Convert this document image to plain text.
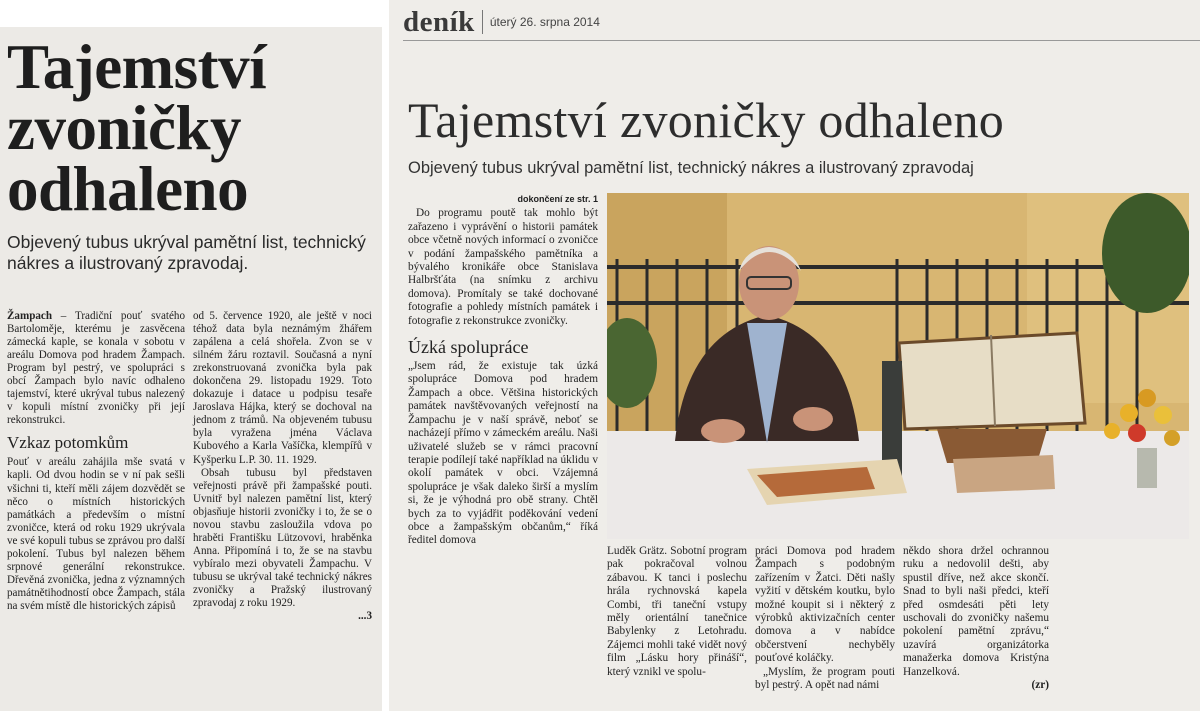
Tajemství
zvoničky
odhaleno
Objevený tubus ukrýval pamětní list, technický nákres a ilustrovaný zpravodaj.

Žampach – Tradiční pouť svatého Bartoloměje, kterému je zasvěcena zámecká kaple, se konala v sobotu v areálu Domova pod hradem Žampach. Program byl pestrý, ve spolupráci s obcí Žampach bylo navíc odhaleno tajemství, které ukrýval tubus nalezený v kopuli místní zvoničky při její rekonstrukci.

Vzkaz potomkům

Pouť v areálu zahájila mše svatá v kapli. Od dvou hodin se v ní pak sešli všichni ti, kteří měli zájem dozvědět se něco o místních historických památkách a především o místní zvoničce, která od roku 1929 ukrývala ve své kopuli tubus se zprávou pro další pokolení. Tubus byl nalezen během srpnové generální rekonstrukce. Dřevěná zvonička, jedna z významných památnětihodností obce Žampach, stála na svém místě dle historických zápisů

od 5. července 1920, ale ještě v noci téhož data byla neznámým žhářem zapálena a celá shořela. Zvon se v silném žáru roztavil. Současná a nyní zrekonstruovaná zvonička byla pak dokončena 29. listopadu 1929. Toto dokazuje i datace u podpisu tesaře Jaroslava Hájka, který se dochoval na jednom z trámů. Na objeveném tubusu byla vyražena jména Václava Kubového a Karla Vašíčka, klempířů v Kyšperku L.P. 30. 11. 1929.

Obsah tubusu byl představen veřejnosti právě při žampašské pouti. Uvnitř byl nalezen pamětní list, který objasňuje historii zvoničky i to, že se o novou stavbu zasloužila vdova po hraběti Františku Lützovovi, hraběnka Anna. Připomíná i to, že se na stavbu vybíralo mezi obyvateli Žampachu. V tubusu se ukrýval také technický nákres zvoničky a Pražský ilustrovaný zpravodaj z roku 1929.

...3
deník úterý 26. srpna 2014
Tajemství zvoničky odhaleno
Objevený tubus ukrýval pamětní list, technický nákres a ilustrovaný zpravodaj
dokončení ze str. 1

Do programu poutě tak mohlo být zařazeno i vyprávění o historii památek obce včetně nových informací o zvoničce v podání žampašského pamětníka a bývalého kronikáře obce Stanislava Halbršťáta (na snímku z archivu domova). Promítaly se také dochované fotografie a pohledy místních památek i fotografie z rekonstrukce zvoničky.

Úzká spolupráce

„Jsem rád, že existuje tak úzká spolupráce Domova pod hradem Žampach a obce. Většina historických památek navštěvovaných veřejností na Žampachu je v naší správě, neboť se nacházejí přímo v zámeckém areálu. Naši uživatelé služeb se v rámci pracovní terapie podílejí také například na úklidu v okolí památek v obci. Vzájemná spolupráce je však daleko širší a myslím si, že je výhodná pro obě strany. Chtěl bych za to vyjádřit poděkování vedení obce a žampašským občanům,“ říká ředitel domova

Luděk Grätz. Sobotní program pak pokračoval volnou zábavou. K tanci i poslechu hrála rychnovská kapela Combi, tři taneční vstupy měly orientální tanečnice Babylenky z Letohradu. Zájemci mohli také vidět nový film „Lásku hory přináší“, který vznikl ve spolu-

práci Domova pod hradem Žampach s podobným zařízením v Žatci. Děti našly vyžití v dětském koutku, bylo možné koupit si i některý z výrobků aktivizačních center domova a v nabídce občerstvení nechyběly pouťové koláčky.

„Myslím, že program pouti byl pestrý. A opět nad námi

někdo shora držel ochrannou ruku a nedovolil dešti, aby spustil dříve, než akce skončí. Snad to byli naši předci, kteří před osmdesáti pěti lety uschovali do zvoničky našemu pokolení pamětní zprávu,“ uzavírá organizátorka manažerka domova Kristýna Hanzelková.

(zr)
